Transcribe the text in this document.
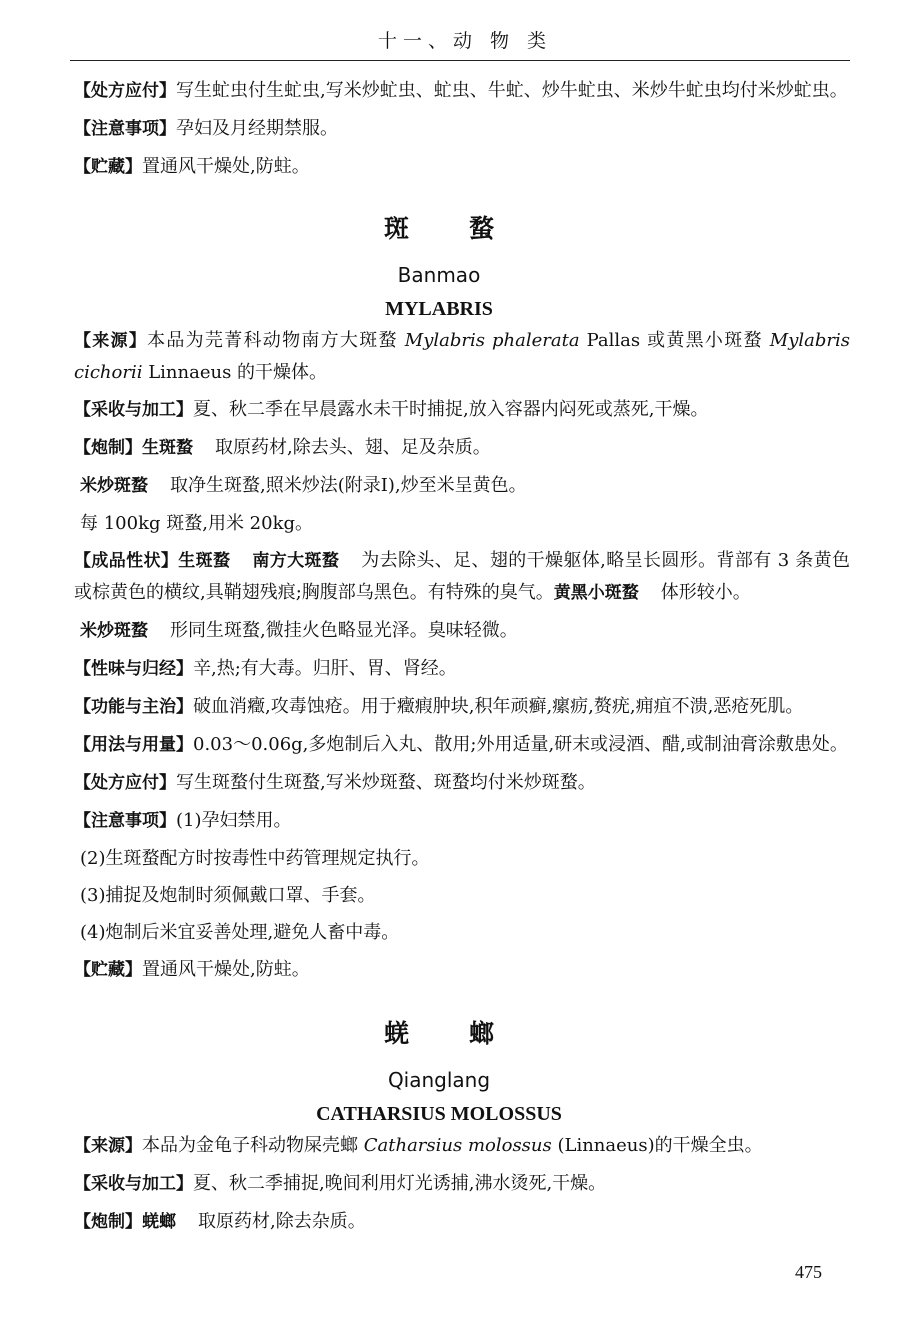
十一、动 物 类

【处方应付】写生虻虫付生虻虫,写米炒虻虫、虻虫、牛虻、炒牛虻虫、米炒牛虻虫均付米炒虻虫。

【注意事项】孕妇及月经期禁服。

【贮藏】置通风干燥处,防蛀。

斑蝥
Banmao
MYLABRIS

【来源】本品为芫菁科动物南方大斑蝥 Mylabris phalerata Pallas 或黄黑小斑蝥 Mylabris cichorii Linnaeus 的干燥体。

【采收与加工】夏、秋二季在早晨露水未干时捕捉,放入容器内闷死或蒸死,干燥。

【炮制】生斑蝥 取原药材,除去头、翅、足及杂质。

米炒斑蝥 取净生斑蝥,照米炒法(附录Ⅰ),炒至米呈黄色。

每 100kg 斑蝥,用米 20kg。

【成品性状】生斑蝥 南方大斑蝥 为去除头、足、翅的干燥躯体,略呈长圆形。背部有 3 条黄色或棕黄色的横纹,具鞘翅残痕;胸腹部乌黑色。有特殊的臭气。黄黑小斑蝥 体形较小。

米炒斑蝥 形同生斑蝥,微挂火色略显光泽。臭味轻微。

【性味与归经】辛,热;有大毒。归肝、胃、肾经。

【功能与主治】破血消癥,攻毒蚀疮。用于癥瘕肿块,积年顽癣,瘰疬,赘疣,痈疽不溃,恶疮死肌。

【用法与用量】0.03～0.06g,多炮制后入丸、散用;外用适量,研末或浸酒、醋,或制油膏涂敷患处。

【处方应付】写生斑蝥付生斑蝥,写米炒斑蝥、斑蝥均付米炒斑蝥。

【注意事项】(1)孕妇禁用。

(2)生斑蝥配方时按毒性中药管理规定执行。

(3)捕捉及炮制时须佩戴口罩、手套。

(4)炮制后米宜妥善处理,避免人畜中毒。

【贮藏】置通风干燥处,防蛀。

蜣螂
Qianglang
CATHARSIUS MOLOSSUS

【来源】本品为金龟子科动物屎壳螂 Catharsius molossus (Linnaeus)的干燥全虫。

【采收与加工】夏、秋二季捕捉,晚间利用灯光诱捕,沸水烫死,干燥。

【炮制】蜣螂 取原药材,除去杂质。

475
